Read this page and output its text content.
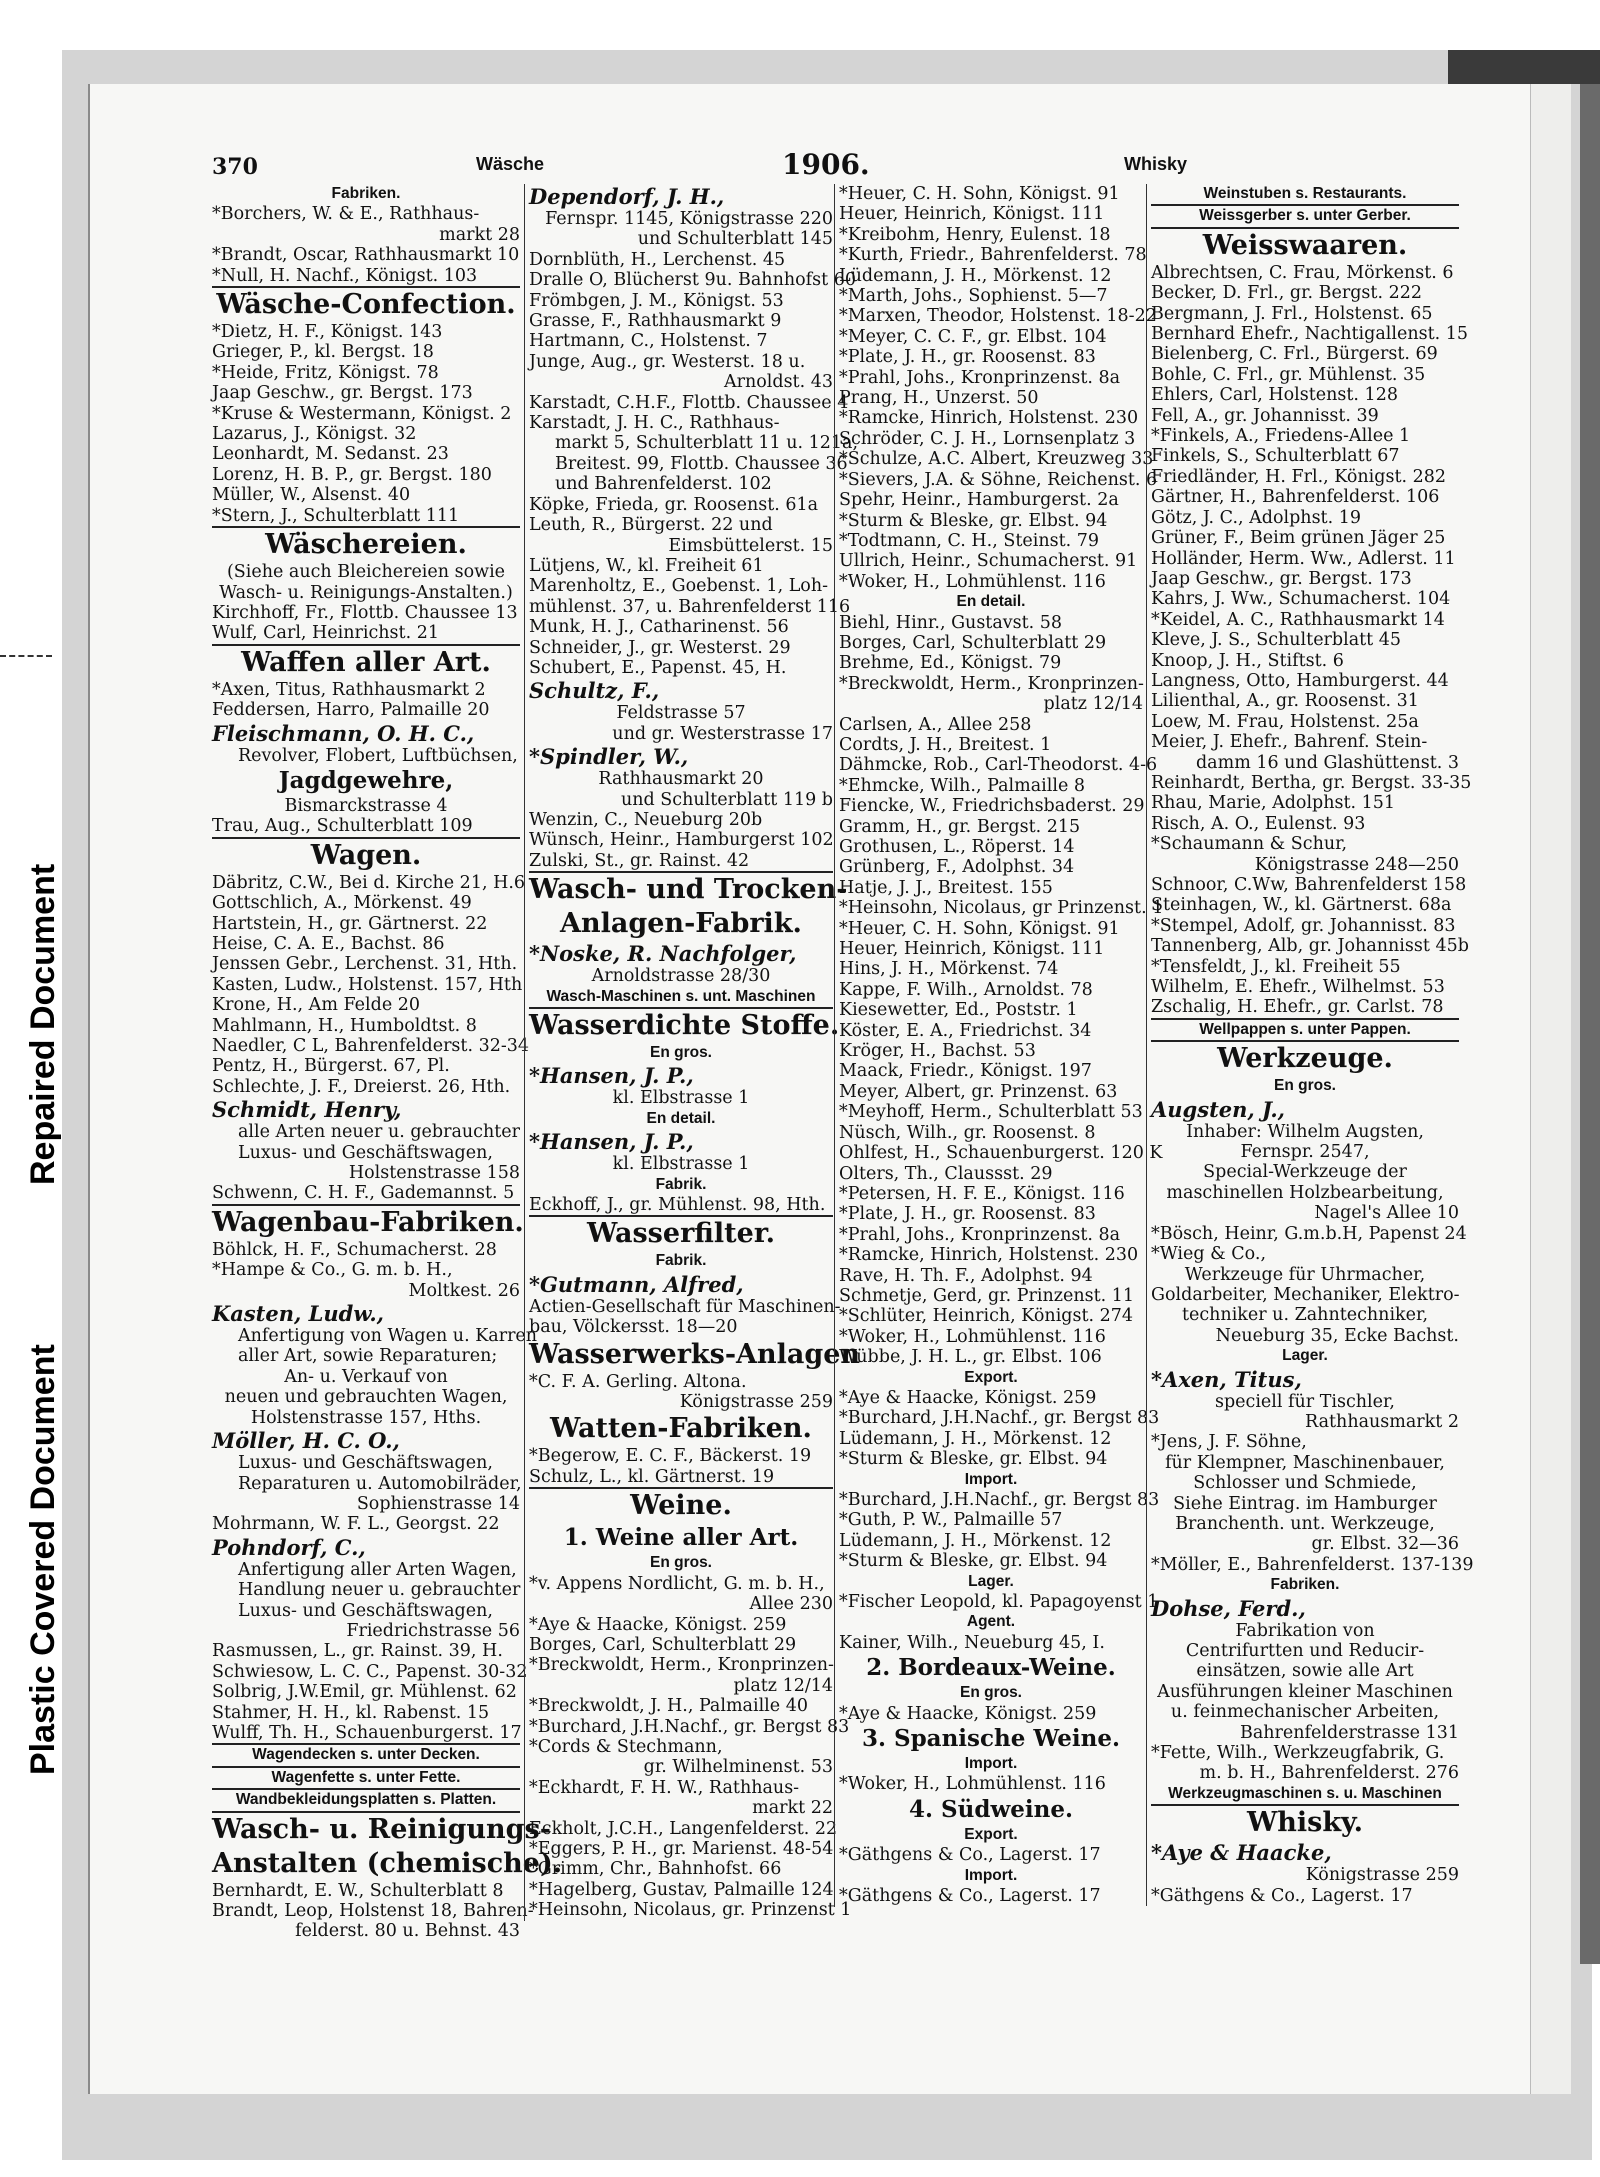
Repaired Document
Plastic Covered Document
370	Wäsche	1906.	Whisky
Fabriken.
*Borchers, W. & E., Rathhaus-
markt 28
*Brandt, Oscar, Rathhausmarkt 10
*Null, H. Nachf., Königst. 103
Wäsche-Confection.
*Dietz, H. F., Königst. 143
Grieger, P., kl. Bergst. 18
*Heide, Fritz, Königst. 78
Jaap Geschw., gr. Bergst. 173
*Kruse & Westermann, Königst. 2
Lazarus, J., Königst. 32
Leonhardt, M. Sedanst. 23
Lorenz, H. B. P., gr. Bergst. 180
Müller, W., Alsenst. 40
*Stern, J., Schulterblatt 111
Wäschereien.
(Siehe auch Bleichereien sowie
Wasch- u. Reinigungs-Anstalten.)
Kirchhoff, Fr., Flottb. Chaussee 13
Wulf, Carl, Heinrichst. 21
Waffen aller Art.
*Axen, Titus, Rathhausmarkt 2
Feddersen, Harro, Palmaille 20
Fleischmann, O. H. C.,
Revolver, Flobert, Luftbüchsen,
Jagdgewehre,
Bismarckstrasse 4
Trau, Aug., Schulterblatt 109
Wagen.
Däbritz, C.W., Bei d. Kirche 21, H.6
Gottschlich, A., Mörkenst. 49
Hartstein, H., gr. Gärtnerst. 22
Heise, C. A. E., Bachst. 86
Jenssen Gebr., Lerchenst. 31, Hth.
Kasten, Ludw., Holstenst. 157, Hth
Krone, H., Am Felde 20
Mahlmann, H., Humboldtst. 8
Naedler, C L, Bahrenfelderst. 32-34
Pentz, H., Bürgerst. 67, Pl.
Schlechte, J. F., Dreierst. 26, Hth.
Schmidt, Henry,
alle Arten neuer u. gebrauchter
Luxus- und Geschäftswagen,
Holstenstrasse 158
Schwenn, C. H. F., Gademannst. 5
Wagenbau-Fabriken.
Böhlck, H. F., Schumacherst. 28
*Hampe & Co., G. m. b. H.,
Moltkest. 26
Kasten, Ludw.,
Anfertigung von Wagen u. Karren
aller Art, sowie Reparaturen;
An- u. Verkauf von
neuen und gebrauchten Wagen,
Holstenstrasse 157, Hths.
Möller, H. C. O.,
Luxus- und Geschäftswagen,
Reparaturen u. Automobilräder,
Sophienstrasse 14
Mohrmann, W. F. L., Georgst. 22
Pohndorf, C.,
Anfertigung aller Arten Wagen,
Handlung neuer u. gebrauchter
Luxus- und Geschäftswagen,
Friedrichstrasse 56
Rasmussen, L., gr. Rainst. 39, H.
Schwiesow, L. C. C., Papenst. 30-32
Solbrig, J.W.Emil, gr. Mühlenst. 62
Stahmer, H. H., kl. Rabenst. 15
Wulff, Th. H., Schauenburgerst. 17
Wagendecken s. unter Decken.
Wagenfette s. unter Fette.
Wandbekleidungsplatten s. Platten.
Wasch- u. Reinigungs-
Anstalten (chemische).
Bernhardt, E. W., Schulterblatt 8
Brandt, Leop, Holstenst 18, Bahren-
felderst. 80 u. Behnst. 43
Dependorf, J. H.,
Fernspr. 1145, Königstrasse 220
und Schulterblatt 145
Dornblüth, H., Lerchenst. 45
Dralle O, Blücherst 9u. Bahnhofst 60
Frömbgen, J. M., Königst. 53
Grasse, F., Rathhausmarkt 9
Hartmann, C., Holstenst. 7
Junge, Aug., gr. Westerst. 18 u.
Arnoldst. 43
Karstadt, C.H.F., Flottb. Chaussee 4
Karstadt, J. H. C., Rathhaus-
markt 5, Schulterblatt 11 u. 121a,
Breitest. 99, Flottb. Chaussee 36
und Bahrenfelderst. 102
Köpke, Frieda, gr. Roosenst. 61a
Leuth, R., Bürgerst. 22 und
Eimsbüttelerst. 15
Lütjens, W., kl. Freiheit 61
Marenholtz, E., Goebenst. 1, Loh-
mühlenst. 37, u. Bahrenfelderst 116
Munk, H. J., Catharinenst. 56
Schneider, J., gr. Westerst. 29
Schubert, E., Papenst. 45, H.
Schultz, F.,
Feldstrasse 57
und gr. Westerstrasse 17
*Spindler, W.,
Rathhausmarkt 20
und Schulterblatt 119 b
Wenzin, C., Neueburg 20b
Wünsch, Heinr., Hamburgerst 102
Zulski, St., gr. Rainst. 42
Wasch- und Trocken-
Anlagen-Fabrik.
*Noske, R. Nachfolger,
Arnoldstrasse 28/30
Wasch-Maschinen s. unt. Maschinen
Wasserdichte Stoffe.
En gros.
*Hansen, J. P.,
kl. Elbstrasse 1
En detail.
*Hansen, J. P.,
kl. Elbstrasse 1
Fabrik.
Eckhoff, J., gr. Mühlenst. 98, Hth.
Wasserfilter.
Fabrik.
*Gutmann, Alfred,
Actien-Gesellschaft für Maschinen-
bau, Völckersst. 18—20
Wasserwerks-Anlagen
*C. F. A. Gerling. Altona.
Königstrasse 259
Watten-Fabriken.
*Begerow, E. C. F., Bäckerst. 19
Schulz, L., kl. Gärtnerst. 19
Weine.
1. Weine aller Art.
En gros.
*v. Appens Nordlicht, G. m. b. H.,
Allee 230
*Aye & Haacke, Königst. 259
Borges, Carl, Schulterblatt 29
*Breckwoldt, Herm., Kronprinzen-
platz 12/14
*Breckwoldt, J. H., Palmaille 40
*Burchard, J.H.Nachf., gr. Bergst 83
*Cords & Stechmann,
gr. Wilhelminenst. 53
*Eckhardt, F. H. W., Rathhaus-
markt 22
Eckholt, J.C.H., Langenfelderst. 22
*Eggers, P. H., gr. Marienst. 48-54
*Grimm, Chr., Bahnhofst. 66
*Hagelberg, Gustav, Palmaille 124
*Heinsohn, Nicolaus, gr. Prinzenst 1
*Heuer, C. H. Sohn, Königst. 91
Heuer, Heinrich, Königst. 111
*Kreibohm, Henry, Eulenst. 18
*Kurth, Friedr., Bahrenfelderst. 78
Lüdemann, J. H., Mörkenst. 12
*Marth, Johs., Sophienst. 5—7
*Marxen, Theodor, Holstenst. 18-22
*Meyer, C. C. F., gr. Elbst. 104
*Plate, J. H., gr. Roosenst. 83
*Prahl, Johs., Kronprinzenst. 8a
Prang, H., Unzerst. 50
*Ramcke, Hinrich, Holstenst. 230
Schröder, C. J. H., Lornsenplatz 3
*Schulze, A.C. Albert, Kreuzweg 33
*Sievers, J.A. & Söhne, Reichenst. 6
Spehr, Heinr., Hamburgerst. 2a
*Sturm & Bleske, gr. Elbst. 94
*Todtmann, C. H., Steinst. 79
Ullrich, Heinr., Schumacherst. 91
*Woker, H., Lohmühlenst. 116
En detail.
Biehl, Hinr., Gustavst. 58
Borges, Carl, Schulterblatt 29
Brehme, Ed., Königst. 79
*Breckwoldt, Herm., Kronprinzen-
platz 12/14
Carlsen, A., Allee 258
Cordts, J. H., Breitest. 1
Dähmcke, Rob., Carl-Theodorst. 4-6
*Ehmcke, Wilh., Palmaille 8
Fiencke, W., Friedrichsbaderst. 29
Gramm, H., gr. Bergst. 215
Grothusen, L., Röperst. 14
Grünberg, F., Adolphst. 34
Hatje, J. J., Breitest. 155
*Heinsohn, Nicolaus, gr Prinzenst. 1
*Heuer, C. H. Sohn, Königst. 91
Heuer, Heinrich, Königst. 111
Hins, J. H., Mörkenst. 74
Kappe, F. Wilh., Arnoldst. 78
Kiesewetter, Ed., Poststr. 1
Köster, E. A., Friedrichst. 34
Kröger, H., Bachst. 53
Maack, Friedr., Königst. 197
Meyer, Albert, gr. Prinzenst. 63
*Meyhoff, Herm., Schulterblatt 53
Nüsch, Wilh., gr. Roosenst. 8
Ohlfest, H., Schauenburgerst. 120 K
Olters, Th., Claussst. 29
*Petersen, H. F. E., Königst. 116
*Plate, J. H., gr. Roosenst. 83
*Prahl, Johs., Kronprinzenst. 8a
*Ramcke, Hinrich, Holstenst. 230
Rave, H. Th. F., Adolphst. 94
Schmetje, Gerd, gr. Prinzenst. 11
*Schlüter, Heinrich, Königst. 274
*Woker, H., Lohmühlenst. 116
Wübbe, J. H. L., gr. Elbst. 106
Export.
*Aye & Haacke, Königst. 259
*Burchard, J.H.Nachf., gr. Bergst 83
Lüdemann, J. H., Mörkenst. 12
*Sturm & Bleske, gr. Elbst. 94
Import.
*Burchard, J.H.Nachf., gr. Bergst 83
*Guth, P. W., Palmaille 57
Lüdemann, J. H., Mörkenst. 12
*Sturm & Bleske, gr. Elbst. 94
Lager.
*Fischer Leopold, kl. Papagoyenst 1
Agent.
Kainer, Wilh., Neueburg 45, I.
2. Bordeaux-Weine.
En gros.
*Aye & Haacke, Königst. 259
3. Spanische Weine.
Import.
*Woker, H., Lohmühlenst. 116
4. Südweine.
Export.
*Gäthgens & Co., Lagerst. 17
Import.
*Gäthgens & Co., Lagerst. 17
Weinstuben s. Restaurants.
Weissgerber s. unter Gerber.
Weisswaaren.
Albrechtsen, C. Frau, Mörkenst. 6
Becker, D. Frl., gr. Bergst. 222
Bergmann, J. Frl., Holstenst. 65
Bernhard Ehefr., Nachtigallenst. 15
Bielenberg, C. Frl., Bürgerst. 69
Bohle, C. Frl., gr. Mühlenst. 35
Ehlers, Carl, Holstenst. 128
Fell, A., gr. Johannisst. 39
*Finkels, A., Friedens-Allee 1
Finkels, S., Schulterblatt 67
Friedländer, H. Frl., Königst. 282
Gärtner, H., Bahrenfelderst. 106
Götz, J. C., Adolphst. 19
Grüner, F., Beim grünen Jäger 25
Holländer, Herm. Ww., Adlerst. 11
Jaap Geschw., gr. Bergst. 173
Kahrs, J. Ww., Schumacherst. 104
*Keidel, A. C., Rathhausmarkt 14
Kleve, J. S., Schulterblatt 45
Knoop, J. H., Stiftst. 6
Langness, Otto, Hamburgerst. 44
Lilienthal, A., gr. Roosenst. 31
Loew, M. Frau, Holstenst. 25a
Meier, J. Ehefr., Bahrenf. Stein-
damm 16 und Glashüttenst. 3
Reinhardt, Bertha, gr. Bergst. 33-35
Rhau, Marie, Adolphst. 151
Risch, A. O., Eulenst. 93
*Schaumann & Schur,
Königstrasse 248—250
Schnoor, C.Ww, Bahrenfelderst 158
Steinhagen, W., kl. Gärtnerst. 68a
*Stempel, Adolf, gr. Johannisst. 83
Tannenberg, Alb, gr. Johannisst 45b
*Tensfeldt, J., kl. Freiheit 55
Wilhelm, E. Ehefr., Wilhelmst. 53
Zschalig, H. Ehefr., gr. Carlst. 78
Wellpappen s. unter Pappen.
Werkzeuge.
En gros.
Augsten, J.,
Inhaber: Wilhelm Augsten,
Fernspr. 2547,
Special-Werkzeuge der
maschinellen Holzbearbeitung,
Nagel's Allee 10
*Bösch, Heinr, G.m.b.H, Papenst 24
*Wieg & Co.,
Werkzeuge für Uhrmacher,
Goldarbeiter, Mechaniker, Elektro-
techniker u. Zahntechniker,
Neueburg 35, Ecke Bachst.
Lager.
*Axen, Titus,
speciell für Tischler,
Rathhausmarkt 2
*Jens, J. F. Söhne,
für Klempner, Maschinenbauer,
Schlosser und Schmiede,
Siehe Eintrag. im Hamburger
Branchenth. unt. Werkzeuge,
gr. Elbst. 32—36
*Möller, E., Bahrenfelderst. 137-139
Fabriken.
Dohse, Ferd.,
Fabrikation von
Centrifurtten und Reducir-
einsätzen, sowie alle Art
Ausführungen kleiner Maschinen
u. feinmechanischer Arbeiten,
Bahrenfelderstrasse 131
*Fette, Wilh., Werkzeugfabrik, G.
m. b. H., Bahrenfelderst. 276
Werkzeugmaschinen s. u. Maschinen
Whisky.
*Aye & Haacke,
Königstrasse 259
*Gäthgens & Co., Lagerst. 17
